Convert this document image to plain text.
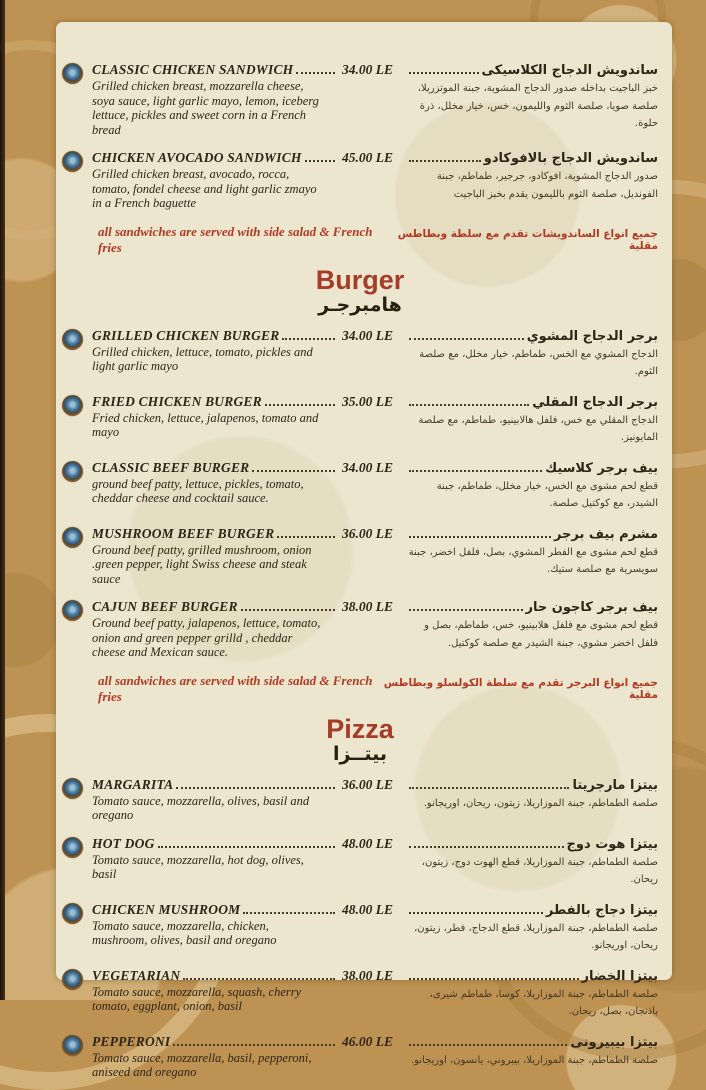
CLASSIC CHICKEN SANDWICH	34.00 LE
Grilled chicken breast, mozzarella cheese, soya sauce, light garlic mayo, lemon, iceberg lettuce, pickles and sweet corn in a French bread
ساندويش الدجاج الكلاسيكى
خبز الباجيت بداخله صدور الدجاج المشوية، جبنة الموتزريلا، صلصة صويا، صلصة الثوم والليمون، خس، خيار مخلل، ذرة حلوة.
CHICKEN AVOCADO SANDWICH	45.00 LE
Grilled chicken breast, avocado, rocca, tomato, fondel cheese and light garlic zmayo in a French baguette
ساندويش الدجاج بالافوكادو
صدور الدجاج المشوية، افوكادو، جرجير، طماطم، جبنة الفونديل، صلصة الثوم بالليمون يقدم بخبز الباجيت
all sandwiches are served with side salad & French fries
جميع انواع الساندويشات تقدم مع سلطة وبطاطس مقلية
Burger
هامبرجـر
GRILLED CHICKEN BURGER	34.00 LE
Grilled chicken, lettuce, tomato, pickles and light garlic mayo
برجر الدجاج المشوي
الدجاج المشوي مع الخس، طماطم، خيار مخلل، مع صلصة الثوم.
FRIED CHICKEN BURGER	35.00 LE
Fried chicken, lettuce, jalapenos, tomato and mayo
برجر الدجاج المقلي
الدجاج المقلي مع خس، فلفل هالابينيو، طماطم، مع صلصة المايونيز.
CLASSIC BEEF BURGER	34.00 LE
ground beef patty, lettuce, pickles, tomato, cheddar cheese and cocktail sauce.
بيف برجر كلاسيك
قطع لحم مشوى مع الخس، خيار مخلل، طماطم، جبنة الشيدر، مع كوكتيل صلصة.
MUSHROOM BEEF BURGER	36.00 LE
Ground beef patty, grilled mushroom, onion .green pepper, light Swiss cheese and steak sauce
مشرم بيف برجر
قطع لحم مشوى مع الفطر المشوي، بصل، فلفل اخضر، جبنة سويسرية مع صلصة ستيك.
CAJUN BEEF BURGER	38.00 LE
Ground beef patty, jalapenos, lettuce, tomato, onion and green pepper grilld , cheddar cheese and Mexican sauce.
بيف برجر كاجون حار
قطع لحم مشوى مع فلفل هلابينيو، خس، طماطم، بصل و فلفل اخضر مشوي، جبنة الشيدر مع صلصة كوكتيل.
all sandwiches are served with side salad & French fries
جميع انواع البرجر تقدم مع سلطة الكولسلو وبطاطس مقلية
Pizza
بيتــزا
MARGARITA	36.00 LE
Tomato sauce, mozzarella, olives, basil and oregano
بيتزا مارجريتا
صلصة الطماطم، جبنة الموزاريلا، زيتون، ريحان، اوريجانو.
HOT DOG	48.00 LE
Tomato sauce, mozzarella, hot dog, olives, basil
بيتزا هوت دوج
صلصة الطماطم، جبنة الموزاريلا، قطع الهوت دوج، زيتون، ريحان.
CHICKEN MUSHROOM	48.00 LE
Tomato sauce, mozzarella, chicken, mushroom, olives, basil and oregano
بيتزا دجاج بالفطر
صلصة الطماطم، جبنة الموزاريلا، قطع الدجاج، فطر، زيتون، ريحان، اوريجانو.
VEGETARIAN	38.00 LE
Tomato sauce, mozzarella, squash, cherry tomato, eggplant, onion, basil
بيتزا الخضار
صلصة الطماطم، جبنة الموزاريلا، كوسا، طماطم شيرى، باذنجان، بصل، ريحان.
PEPPERONI	46.00 LE
Tomato sauce, mozzarella, basil, pepperoni, aniseed and oregano
بيتزا بيبيرونى
صلصة الطماطم، جبنة الموزاريلا، بيبروني، يانسون، اوريجانو.
